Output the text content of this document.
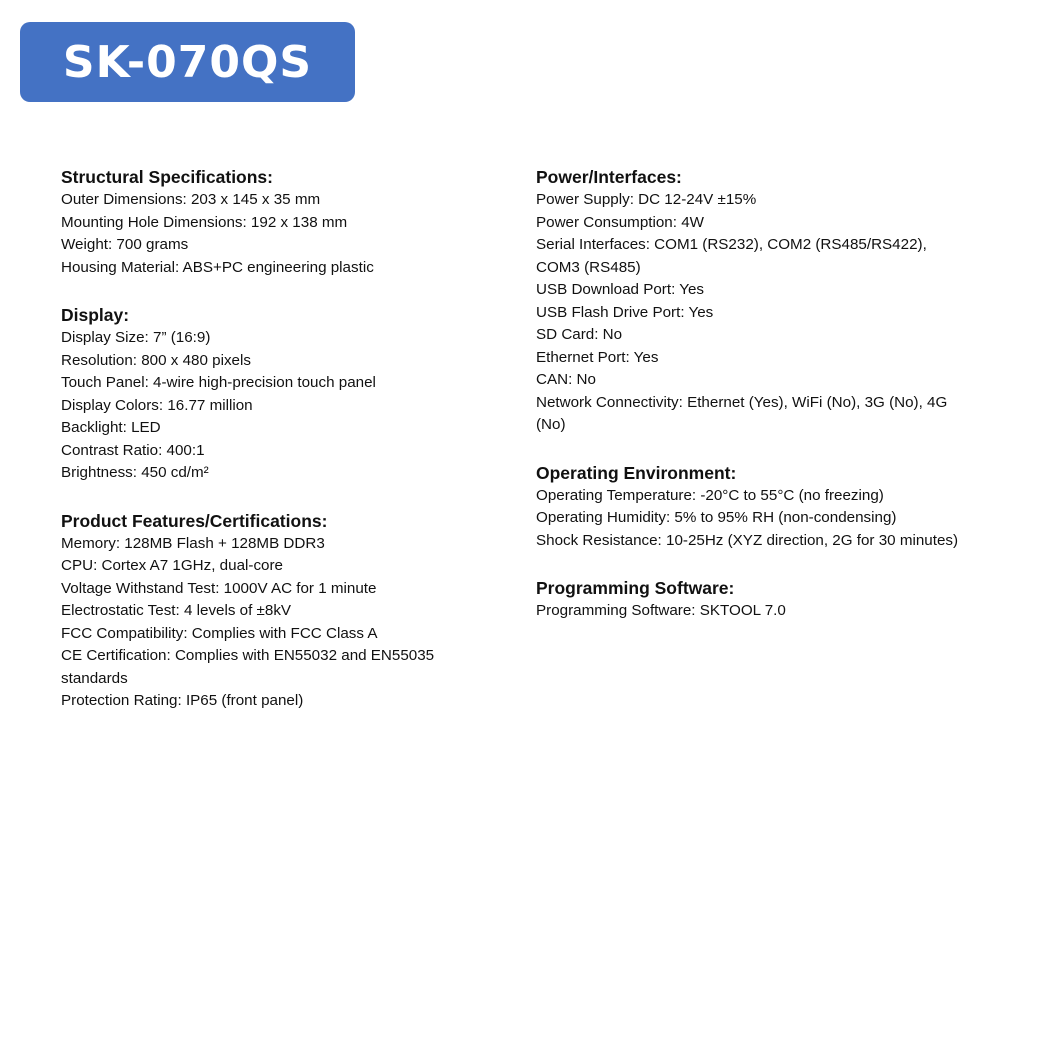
SK-070QS
Structural Specifications:
Outer Dimensions: 203 x 145 x 35 mm
Mounting Hole Dimensions: 192 x 138 mm
Weight: 700 grams
Housing Material: ABS+PC engineering plastic
Display:
Display Size: 7” (16:9)
Resolution: 800 x 480 pixels
Touch Panel: 4-wire high-precision touch panel
Display Colors: 16.77 million
Backlight: LED
Contrast Ratio: 400:1
Brightness: 450 cd/m²
Product Features/Certifications:
Memory: 128MB Flash + 128MB DDR3
CPU: Cortex A7 1GHz, dual-core
Voltage Withstand Test: 1000V AC for 1 minute
Electrostatic Test: 4 levels of ±8kV
FCC Compatibility: Complies with FCC Class A
CE Certification: Complies with EN55032 and EN55035 standards
Protection Rating: IP65 (front panel)
Power/Interfaces:
Power Supply: DC 12-24V ±15%
Power Consumption: 4W
Serial Interfaces: COM1 (RS232), COM2 (RS485/RS422), COM3 (RS485)
USB Download Port: Yes
USB Flash Drive Port: Yes
SD Card: No
Ethernet Port: Yes
CAN: No
Network Connectivity: Ethernet (Yes), WiFi (No), 3G (No), 4G (No)
Operating Environment:
Operating Temperature: -20°C to 55°C (no freezing)
Operating Humidity: 5% to 95% RH (non-condensing)
Shock Resistance: 10-25Hz (XYZ direction, 2G for 30 minutes)
Programming Software:
Programming Software: SKTOOL 7.0
